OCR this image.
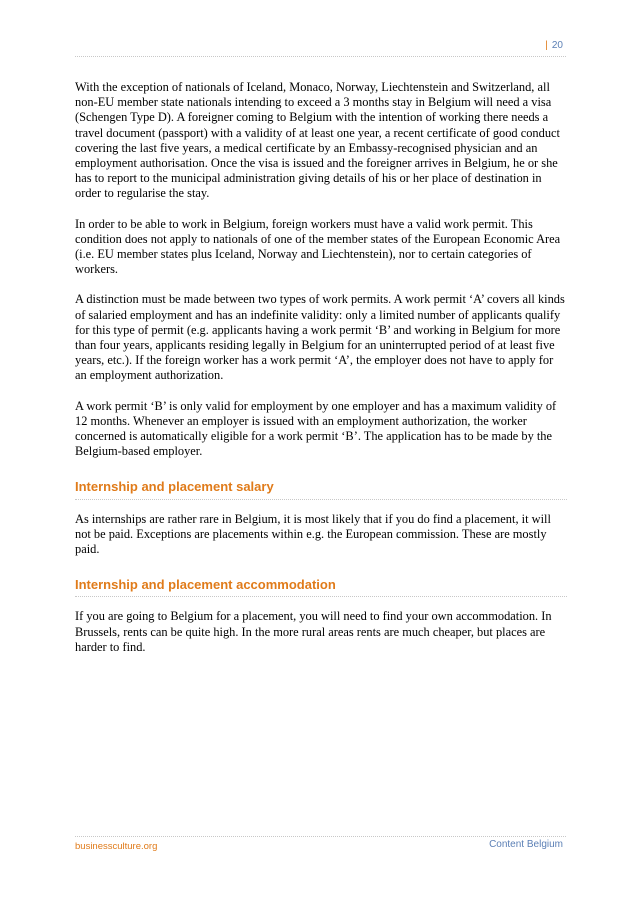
| 20

With the exception of nationals of Iceland, Monaco, Norway, Liechtenstein and Switzerland, all non-EU member state nationals intending to exceed a 3 months stay in Belgium will need a visa (Schengen Type D). A foreigner coming to Belgium with the intention of working there needs a travel document (passport) with a validity of at least one year, a recent certificate of good conduct covering the last five years, a medical certificate by an Embassy-recognised physician and an employment authorisation. Once the visa is issued and the foreigner arrives in Belgium, he or she has to report to the municipal administration giving details of his or her place of destination in order to regularise the stay.

In order to be able to work in Belgium, foreign workers must have a valid work permit. This condition does not apply to nationals of one of the member states of the European Economic Area (i.e. EU member states plus Iceland, Norway and Liechtenstein), nor to certain categories of workers.

A distinction must be made between two types of work permits. A work permit ‘A’ covers all kinds of salaried employment and has an indefinite validity: only a limited number of applicants qualify for this type of permit (e.g. applicants having a work permit ‘B’ and working in Belgium for more than four years, applicants residing legally in Belgium for an uninterrupted period of at least five years, etc.). If the foreign worker has a work permit ‘A’, the employer does not have to apply for an employment authorization.

A work permit ‘B’ is only valid for employment by one employer and has a maximum validity of 12 months. Whenever an employer is issued with an employment authorization, the worker concerned is automatically eligible for a work permit ‘B’. The application has to be made by the Belgium-based employer.

Internship and placement salary

As internships are rather rare in Belgium, it is most likely that if you do find a placement, it will not be paid. Exceptions are placements within e.g. the European commission. These are mostly paid.

Internship and placement accommodation

If you are going to Belgium for a placement, you will need to find your own accommodation. In Brussels, rents can be quite high. In the more rural areas rents are much cheaper, but places are harder to find.

businessculture.org	Content Belgium
